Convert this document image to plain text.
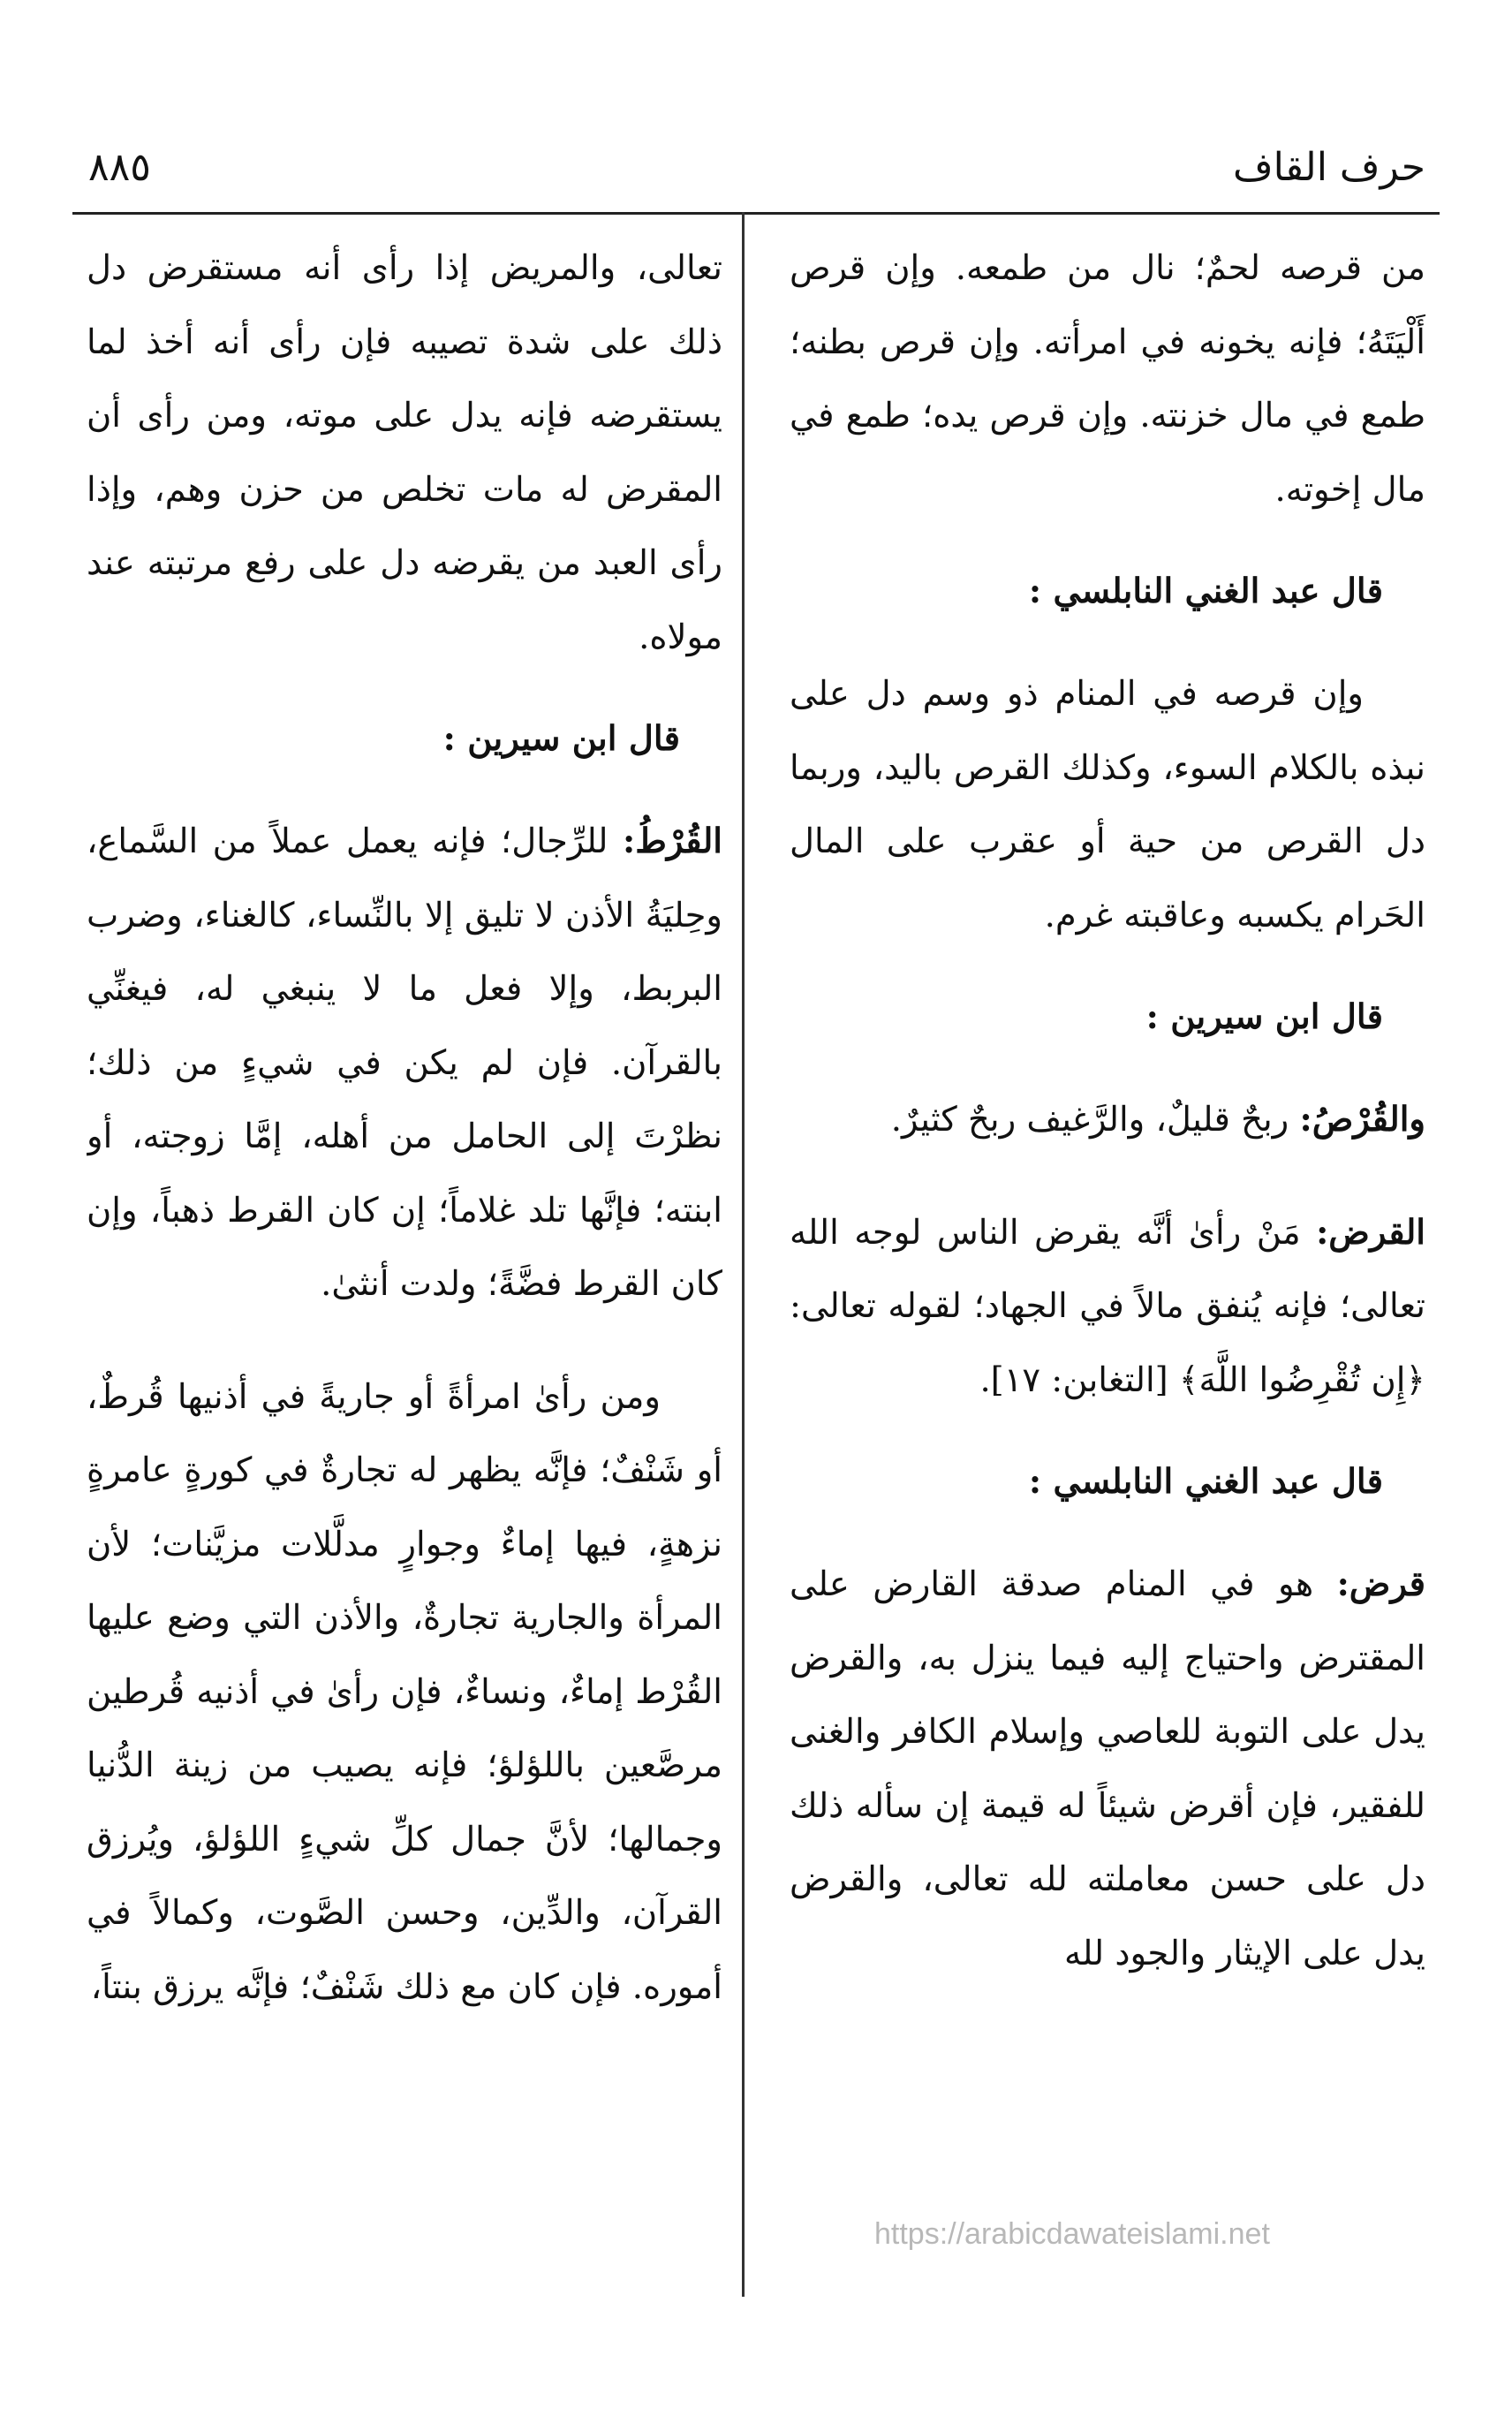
حرف القاف
٨٨٥

من قرصه لحمٌ؛ نال من طمعه. وإن قرص أَلْيَتَهُ؛ فإنه يخونه في امرأته. وإن قرص بطنه؛ طمع في مال خزنته. وإن قرص يده؛ طمع في مال إخوته.

قال عبد الغني النابلسي :

وإن قرصه في المنام ذو وسم دل على نبذه بالكلام السوء، وكذلك القرص باليد، وربما دل القرص من حية أو عقرب على المال الحَرام يكسبه وعاقبته غرم.

قال ابن سيرين :

والقُرْصُ: ربحٌ قليلٌ، والرَّغيف ربحٌ كثيرٌ.

القرض: مَنْ رأىٰ أنَّه يقرض الناس لوجه الله تعالى؛ فإنه يُنفق مالاً في الجهاد؛ لقوله تعالى: ﴿إِن تُقْرِضُوا اللَّهَ﴾ [التغابن: ١٧].

قال عبد الغني النابلسي :

قرض: هو في المنام صدقة القارض على المقترض واحتياج إليه فيما ينزل به، والقرض يدل على التوبة للعاصي وإسلام الكافر والغنى للفقير، فإن أقرض شيئاً له قيمة إن سأله ذلك دل على حسن معاملته لله تعالى، والقرض يدل على الإيثار والجود لله

تعالى، والمريض إذا رأى أنه مستقرض دل ذلك على شدة تصيبه فإن رأى أنه أخذ لما يستقرضه فإنه يدل على موته، ومن رأى أن المقرض له مات تخلص من حزن وهم، وإذا رأى العبد من يقرضه دل على رفع مرتبته عند مولاه.

قال ابن سيرين :

القُرْطُ: للرِّجال؛ فإنه يعمل عملاً من السَّماع، وحِليَةُ الأذن لا تليق إلا بالنِّساء، كالغناء، وضرب البربط، وإلا فعل ما لا ينبغي له، فيغنِّي بالقرآن. فإن لم يكن في شيءٍ من ذلك؛ نظرْتَ إلى الحامل من أهله، إمَّا زوجته، أو ابنته؛ فإنَّها تلد غلاماً؛ إن كان القرط ذهباً، وإن كان القرط فضَّةً؛ ولدت أنثىٰ.

ومن رأىٰ امرأةً أو جاريةً في أذنيها قُرطٌ، أو شَنْفٌ؛ فإنَّه يظهر له تجارةٌ في كورةٍ عامرةٍ نزهةٍ، فيها إماءٌ وجوارٍ مدلَّلات مزيَّنات؛ لأن المرأة والجارية تجارةٌ، والأذن التي وضع عليها القُرْط إماءٌ، ونساءٌ، فإن رأىٰ في أذنيه قُرطين مرصَّعين باللؤلؤ؛ فإنه يصيب من زينة الدُّنيا وجمالها؛ لأنَّ جمال كلِّ شيءٍ اللؤلؤ، ويُرزق القرآن، والدِّين، وحسن الصَّوت، وكمالاً في أموره. فإن كان مع ذلك شَنْفٌ؛ فإنَّه يرزق بنتاً،

https://arabicdawateislami.net
